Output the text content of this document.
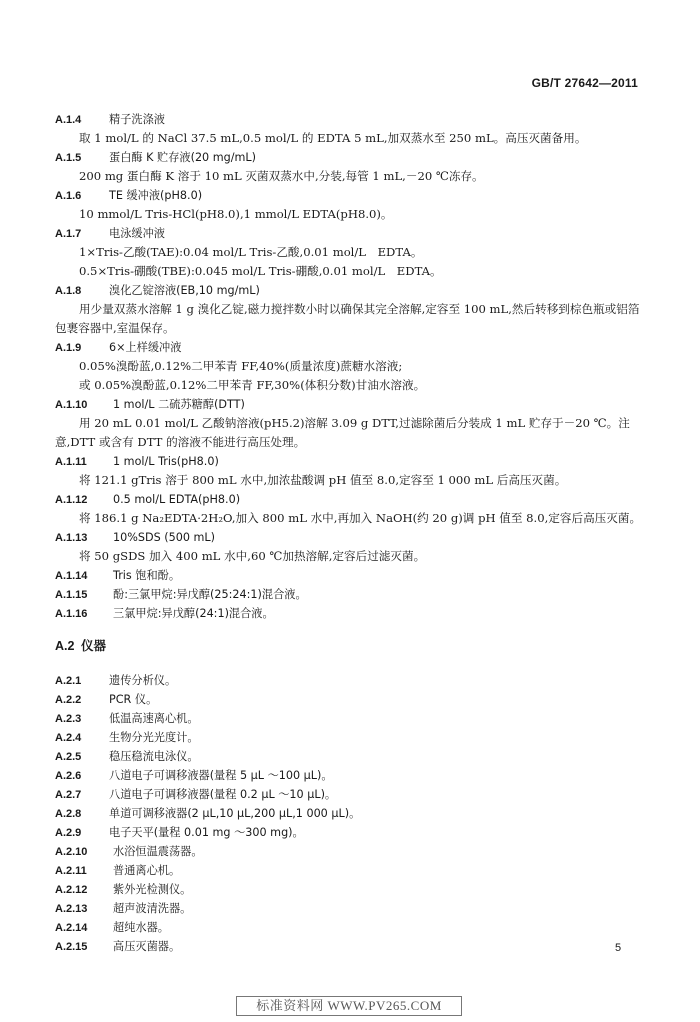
GB/T 27642—2011
A.1.4 精子洗涤液
取 1 mol/L 的 NaCl 37.5 mL,0.5 mol/L 的 EDTA 5 mL,加双蒸水至 250 mL。高压灭菌备用。
A.1.5 蛋白酶 K 贮存液(20 mg/mL)
200 mg 蛋白酶 K 溶于 10 mL 灭菌双蒸水中,分装,每管 1 mL,－20 ℃冻存。
A.1.6 TE 缓冲液(pH8.0)
10 mmol/L Tris-HCl(pH8.0),1 mmol/L EDTA(pH8.0)。
A.1.7 电泳缓冲液
1×Tris-乙酸(TAE):0.04 mol/L Tris-乙酸,0.01 mol/L　EDTA。
0.5×Tris-硼酸(TBE):0.045 mol/L Tris-硼酸,0.01 mol/L　EDTA。
A.1.8 溴化乙锭溶液(EB,10 mg/mL)
用少量双蒸水溶解 1 g 溴化乙锭,磁力搅拌数小时以确保其完全溶解,定容至 100 mL,然后转移到棕色瓶或铝箔包裹容器中,室温保存。
A.1.9 6×上样缓冲液
0.05%溴酚蓝,0.12%二甲苯青 FF,40%(质量浓度)蔗糖水溶液;
或 0.05%溴酚蓝,0.12%二甲苯青 FF,30%(体积分数)甘油水溶液。
A.1.10 1 mol/L 二硫苏糖醇(DTT)
用 20 mL 0.01 mol/L 乙酸钠溶液(pH5.2)溶解 3.09 g DTT,过滤除菌后分装成 1 mL 贮存于－20 ℃。注意,DTT 或含有 DTT 的溶液不能进行高压处理。
A.1.11 1 mol/L Tris(pH8.0)
将 121.1 gTris 溶于 800 mL 水中,加浓盐酸调 pH 值至 8.0,定容至 1 000 mL 后高压灭菌。
A.1.12 0.5 mol/L EDTA(pH8.0)
将 186.1 g Na₂EDTA·2H₂O,加入 800 mL 水中,再加入 NaOH(约 20 g)调 pH 值至 8.0,定容后高压灭菌。
A.1.13 10%SDS (500 mL)
将 50 gSDS 加入 400 mL 水中,60 ℃加热溶解,定容后过滤灭菌。
A.1.14 Tris 饱和酚。
A.1.15 酚:三氯甲烷:异戊醇(25:24:1)混合液。
A.1.16 三氯甲烷:异戊醇(24:1)混合液。
A.2 仪器
A.2.1 遗传分析仪。
A.2.2 PCR 仪。
A.2.3 低温高速离心机。
A.2.4 生物分光光度计。
A.2.5 稳压稳流电泳仪。
A.2.6 八道电子可调移液器(量程 5 μL ～100 μL)。
A.2.7 八道电子可调移液器(量程 0.2 μL ～10 μL)。
A.2.8 单道可调移液器(2 μL,10 μL,200 μL,1 000 μL)。
A.2.9 电子天平(量程 0.01 mg ～300 mg)。
A.2.10 水浴恒温震荡器。
A.2.11 普通离心机。
A.2.12 紫外光检测仪。
A.2.13 超声波清洗器。
A.2.14 超纯水器。
A.2.15 高压灭菌器。	5
标准资料网 WWW.PV265.COM
